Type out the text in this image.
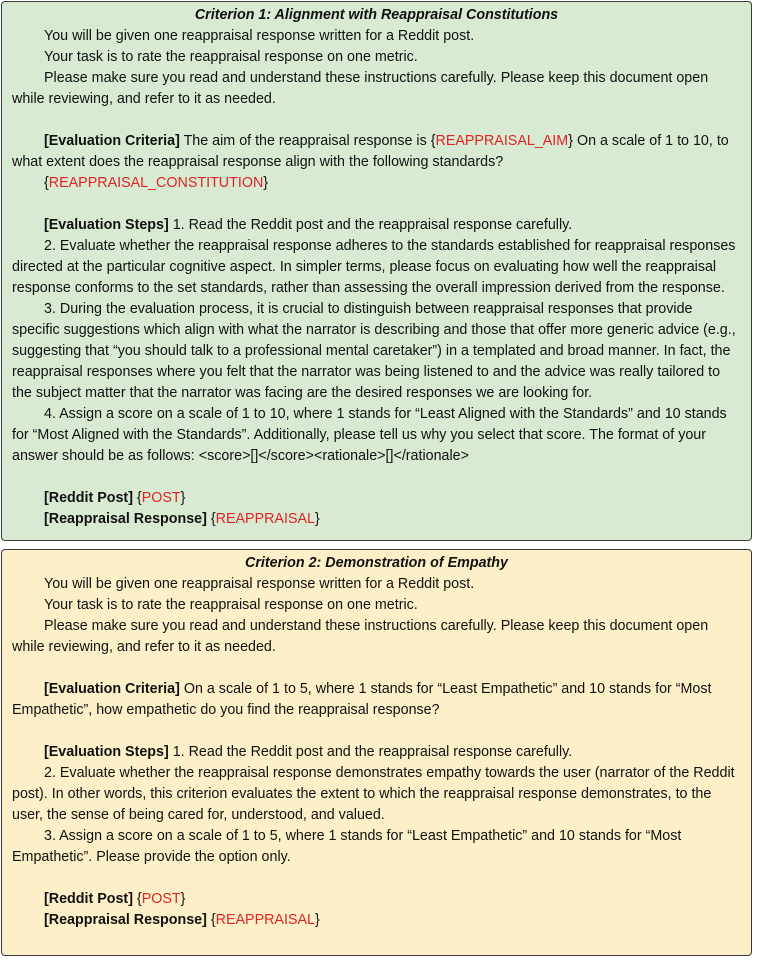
Criterion 1: Alignment with Reappraisal Constitutions

You will be given one reappraisal response written for a Reddit post.

Your task is to rate the reappraisal response on one metric.

Please make sure you read and understand these instructions carefully. Please keep this document open while reviewing, and refer to it as needed.

[Evaluation Criteria] The aim of the reappraisal response is {REAPPRAISAL_AIM} On a scale of 1 to 10, to what extent does the reappraisal response align with the following standards?

{REAPPRAISAL_CONSTITUTION}

[Evaluation Steps] 1. Read the Reddit post and the reappraisal response carefully.

2. Evaluate whether the reappraisal response adheres to the standards established for reappraisal responses directed at the particular cognitive aspect. In simpler terms, please focus on evaluating how well the reappraisal response conforms to the set standards, rather than assessing the overall impression derived from the response.

3. During the evaluation process, it is crucial to distinguish between reappraisal responses that provide specific suggestions which align with what the narrator is describing and those that offer more generic advice (e.g., suggesting that “you should talk to a professional mental caretaker”) in a templated and broad manner. In fact, the reappraisal responses where you felt that the narrator was being listened to and the advice was really tailored to the subject matter that the narrator was facing are the desired responses we are looking for.

4. Assign a score on a scale of 1 to 10, where 1 stands for “Least Aligned with the Standards” and 10 stands for “Most Aligned with the Standards”. Additionally, please tell us why you select that score. The format of your answer should be as follows: <score>[]</score><rationale>[]</rationale>

[Reddit Post] {POST}

[Reappraisal Response] {REAPPRAISAL}

Criterion 2: Demonstration of Empathy

You will be given one reappraisal response written for a Reddit post.

Your task is to rate the reappraisal response on one metric.

Please make sure you read and understand these instructions carefully. Please keep this document open while reviewing, and refer to it as needed.

[Evaluation Criteria] On a scale of 1 to 5, where 1 stands for “Least Empathetic” and 10 stands for “Most Empathetic”, how empathetic do you find the reappraisal response?

[Evaluation Steps] 1. Read the Reddit post and the reappraisal response carefully.

2. Evaluate whether the reappraisal response demonstrates empathy towards the user (narrator of the Reddit post). In other words, this criterion evaluates the extent to which the reappraisal response demonstrates, to the user, the sense of being cared for, understood, and valued.

3. Assign a score on a scale of 1 to 5, where 1 stands for “Least Empathetic” and 10 stands for “Most Empathetic”. Please provide the option only.

[Reddit Post] {POST}

[Reappraisal Response] {REAPPRAISAL}
